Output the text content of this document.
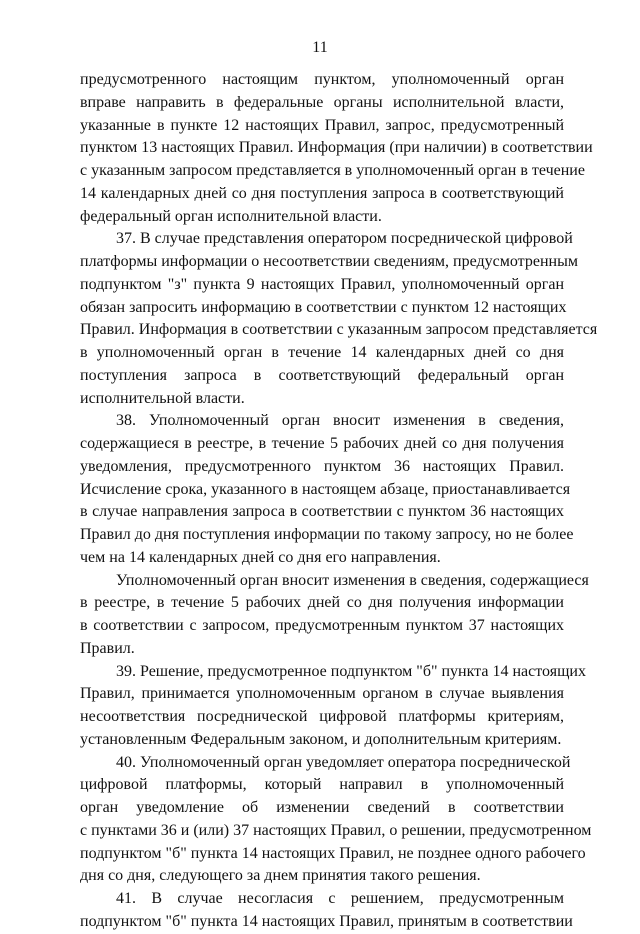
11

предусмотренного настоящим пунктом, уполномоченный орган
вправе направить в федеральные органы исполнительной власти,
указанные в пункте 12 настоящих Правил, запрос, предусмотренный
пунктом 13 настоящих Правил. Информация (при наличии) в соответствии
с указанным запросом представляется в уполномоченный орган в течение
14 календарных дней со дня поступления запроса в соответствующий
федеральный орган исполнительной власти.

37. В случае представления оператором посреднической цифровой
платформы информации о несоответствии сведениям, предусмотренным
подпунктом "з" пункта 9 настоящих Правил, уполномоченный орган
обязан запросить информацию в соответствии с пунктом 12 настоящих
Правил. Информация в соответствии с указанным запросом представляется
в уполномоченный орган в течение 14 календарных дней со дня
поступления запроса в соответствующий федеральный орган
исполнительной власти.

38. Уполномоченный орган вносит изменения в сведения,
содержащиеся в реестре, в течение 5 рабочих дней со дня получения
уведомления, предусмотренного пунктом 36 настоящих Правил.
Исчисление срока, указанного в настоящем абзаце, приостанавливается
в случае направления запроса в соответствии с пунктом 36 настоящих
Правил до дня поступления информации по такому запросу, но не более
чем на 14 календарных дней со дня его направления.

Уполномоченный орган вносит изменения в сведения, содержащиеся
в реестре, в течение 5 рабочих дней со дня получения информации
в соответствии с запросом, предусмотренным пунктом 37 настоящих
Правил.

39. Решение, предусмотренное подпунктом "б" пункта 14 настоящих
Правил, принимается уполномоченным органом в случае выявления
несоответствия посреднической цифровой платформы критериям,
установленным Федеральным законом, и дополнительным критериям.

40. Уполномоченный орган уведомляет оператора посреднической
цифровой платформы, который направил в уполномоченный
орган уведомление об изменении сведений в соответствии
с пунктами 36 и (или) 37 настоящих Правил, о решении, предусмотренном
подпунктом "б" пункта 14 настоящих Правил, не позднее одного рабочего
дня со дня, следующего за днем принятия такого решения.

41. В случае несогласия с решением, предусмотренным
подпунктом "б" пункта 14 настоящих Правил, принятым в соответствии
